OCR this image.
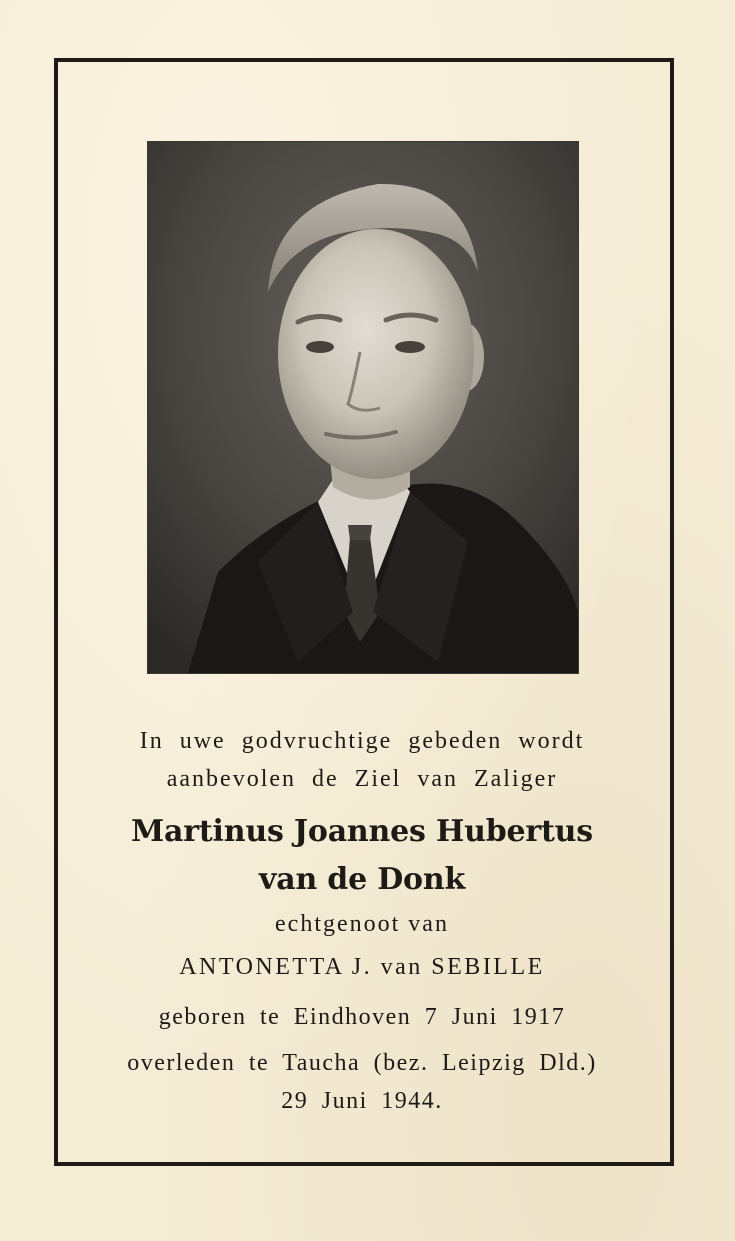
In uwe godvruchtige gebeden wordt
aanbevolen de Ziel van Zaliger
Martinus Joannes Hubertus
van de Donk
echtgenoot van
ANTONETTA J. van SEBILLE
geboren te Eindhoven 7 Juni 1917
overleden te Taucha (bez. Leipzig Dld.)
29 Juni 1944.
